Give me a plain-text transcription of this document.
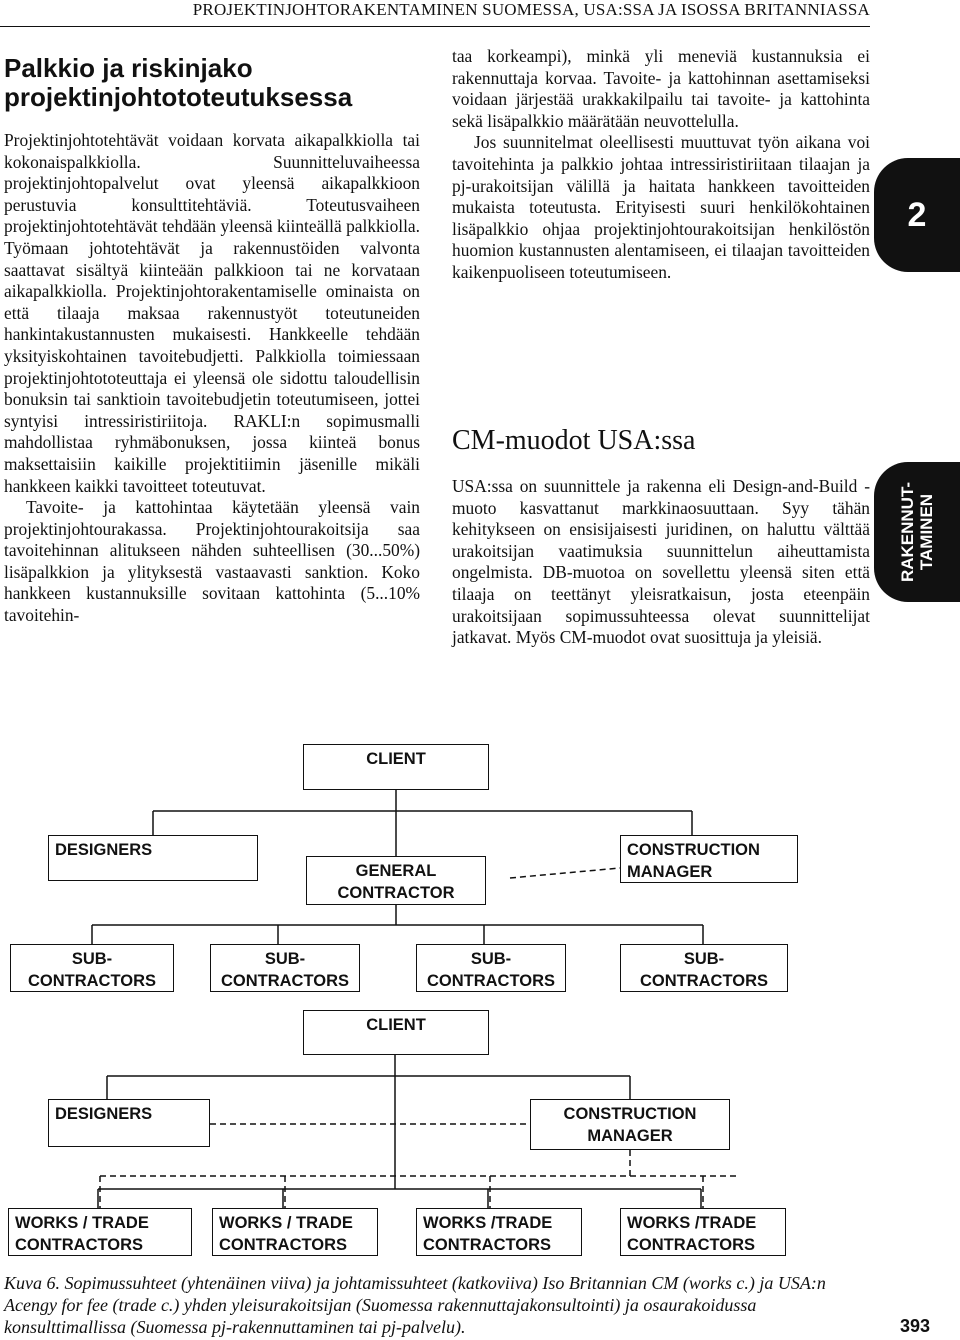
PROJEKTINJOHTORAKENTAMINEN SUOMESSA, USA:SSA JA ISOSSA BRITANNIASSA
Palkkio ja riskinjako
projektinjohtototeutuksessa

Projektinjohtotehtävät voidaan korvata aikapalkkiolla tai kokonaispalkkiolla. Suunnitteluvaiheessa projektinjohtopalvelut ovat yleensä aikapalkkioon perustuvia konsulttitehtäviä. Toteutusvaiheen projektinjohtotehtävät tehdään yleensä kiinteällä palkkiolla. Työmaan johtotehtävät ja rakennustöiden valvonta saattavat sisältyä kiinteään palkkioon tai ne korvataan aikapalkkiolla. Projektinjohtorakentamiselle ominaista on että tilaaja maksaa rakennustyöt toteutuneiden hankintakustannusten mukaisesti. Hankkeelle tehdään yksityiskohtainen tavoitebudjetti. Palkkiolla toimiessaan projektinjohtototeuttaja ei yleensä ole sidottu taloudellisin bonuksin tai sanktioin tavoitebudjetin toteutumiseen, jottei syntyisi intressiristiriitoja. RAKLI:n sopimusmalli mahdollistaa ryhmäbonuksen, jossa kiinteä bonus maksettaisiin kaikille projektitiimin jäsenille mikäli hankkeen kaikki tavoitteet toteutuvat.

Tavoite- ja kattohintaa käytetään yleensä vain projektinjohtourakassa. Projektinjohtourakoitsija saa tavoitehinnan alitukseen nähden suhteellisen (30...50%) lisäpalkkion ja ylityksestä vastaavasti sanktion. Koko hankkeen kustannuksille sovitaan kattohinta (5...10% tavoitehin-

taa korkeampi), minkä yli meneviä kustannuksia ei rakennuttaja korvaa. Tavoite- ja kattohinnan asettamiseksi voidaan järjestää urakkakilpailu tai tavoite- ja kattohinta sekä lisäpalkkio määrätään neuvottelulla.

Jos suunnitelmat oleellisesti muuttuvat työn aikana voi tavoitehinta ja palkkio johtaa intressiristiriitaan tilaajan ja pj-urakoitsijan välillä ja haitata hankkeen tavoitteiden mukaista toteutusta. Erityisesti suuri henkilökohtainen lisäpalkkio ohjaa projektinjohtourakoitsijan henkilöstön huomion kustannusten alentamiseen, ei tilaajan tavoitteiden kaikenpuoliseen toteutumiseen.

CM-muodot USA:ssa

USA:ssa on suunnittele ja rakenna eli Design-and-Build -muoto kasvattanut markkinaosuuttaan. Syy tähän kehitykseen on ensisijaisesti juridinen, on haluttu välttää urakoitsijan vaatimuksia suunnittelun aiheuttamista ongelmista. DB-muotoa on sovellettu yleensä siten että tilaaja on teettänyt yleisratkaisun, josta eteenpäin urakoitsijaan sopimussuhteessa olevat suunnittelijat jatkavat. Myös CM-muodot ovat suosittuja ja yleisiä.

2
RAKENNUT- TAMINEN
CLIENT
DESIGNERS
GENERAL
CONTRACTOR
CONSTRUCTION
MANAGER
SUB-
CONTRACTORS
SUB-
CONTRACTORS
SUB-
CONTRACTORS
SUB-
CONTRACTORS
CLIENT
DESIGNERS	CONSTRUCTION
MANAGER
WORKS / TRADE
CONTRACTORS
WORKS / TRADE
CONTRACTORS
WORKS /TRADE
CONTRACTORS
WORKS /TRADE
CONTRACTORS
Kuva 6. Sopimussuhteet (yhtenäinen viiva) ja johtamissuhteet (katkoviiva) Iso Britannian CM (works c.) ja USA:n Acengy for fee (trade c.) yhden yleisurakoitsijan (Suomessa rakennuttajakonsultointi) ja osaurakoidussa konsulttimallissa (Suomessa pj-rakennuttaminen tai pj-palvelu).	393
